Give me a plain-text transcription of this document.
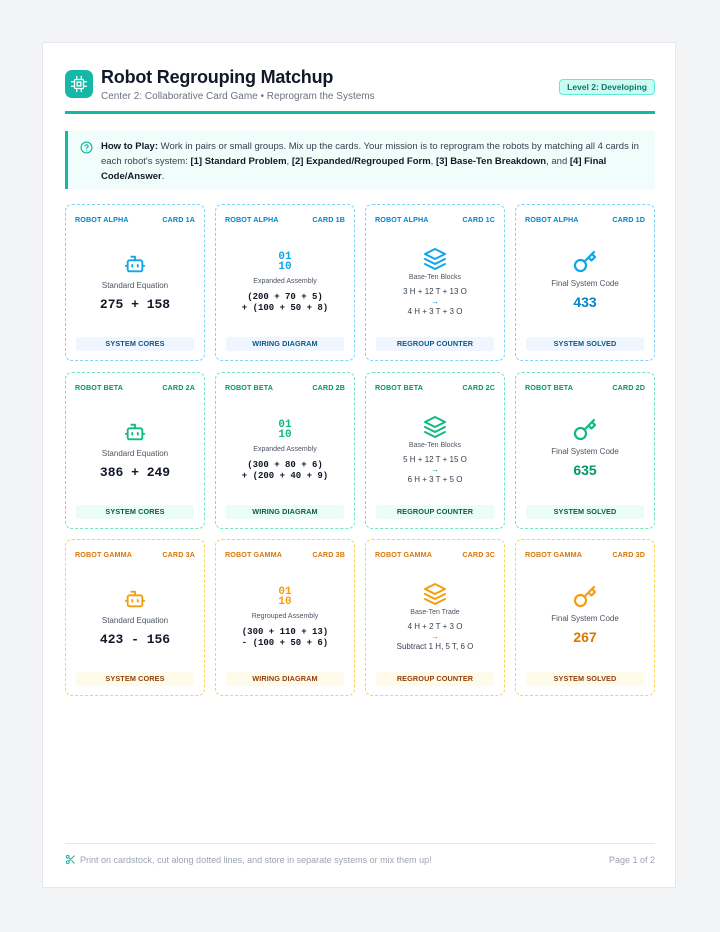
Robot Regrouping Matchup
Center 2: Collaborative Card Game • Reprogram the Systems
Level 2: Developing
How to Play: Work in pairs or small groups. Mix up the cards. Your mission is to reprogram the robots by matching all 4 cards in each robot's system: [1] Standard Problem, [2] Expanded/Regrouped Form, [3] Base-Ten Breakdown, and [4] Final Code/Answer.
ROBOT ALPHA	CARD 1A
Standard Equation
275 + 158
SYSTEM CORES
ROBOT ALPHA	CARD 1B
01
10
Expanded Assembly
(200 + 70 + 5)
+ (100 + 50 + 8)
WIRING DIAGRAM
ROBOT ALPHA	CARD 1C
Base-Ten Blocks
3 H + 12 T + 13 O
→
4 H + 3 T + 3 O
REGROUP COUNTER
ROBOT ALPHA	CARD 1D
Final System Code
433
SYSTEM SOLVED
ROBOT BETA	CARD 2A
Standard Equation
386 + 249
SYSTEM CORES
ROBOT BETA	CARD 2B
01
10
Expanded Assembly
(300 + 80 + 6)
+ (200 + 40 + 9)
WIRING DIAGRAM
ROBOT BETA	CARD 2C
Base-Ten Blocks
5 H + 12 T + 15 O
→
6 H + 3 T + 5 O
REGROUP COUNTER
ROBOT BETA	CARD 2D
Final System Code
635
SYSTEM SOLVED
ROBOT GAMMA	CARD 3A
Standard Equation
423 - 156
SYSTEM CORES
ROBOT GAMMA	CARD 3B
01
10
Regrouped Assembly
(300 + 110 + 13)
- (100 + 50 + 6)
WIRING DIAGRAM
ROBOT GAMMA	CARD 3C
Base-Ten Trade
4 H + 2 T + 3 O
→
Subtract 1 H, 5 T, 6 O
REGROUP COUNTER
ROBOT GAMMA	CARD 3D
Final System Code
267
SYSTEM SOLVED
Print on cardstock, cut along dotted lines, and store in separate systems or mix them up!	Page 1 of 2
